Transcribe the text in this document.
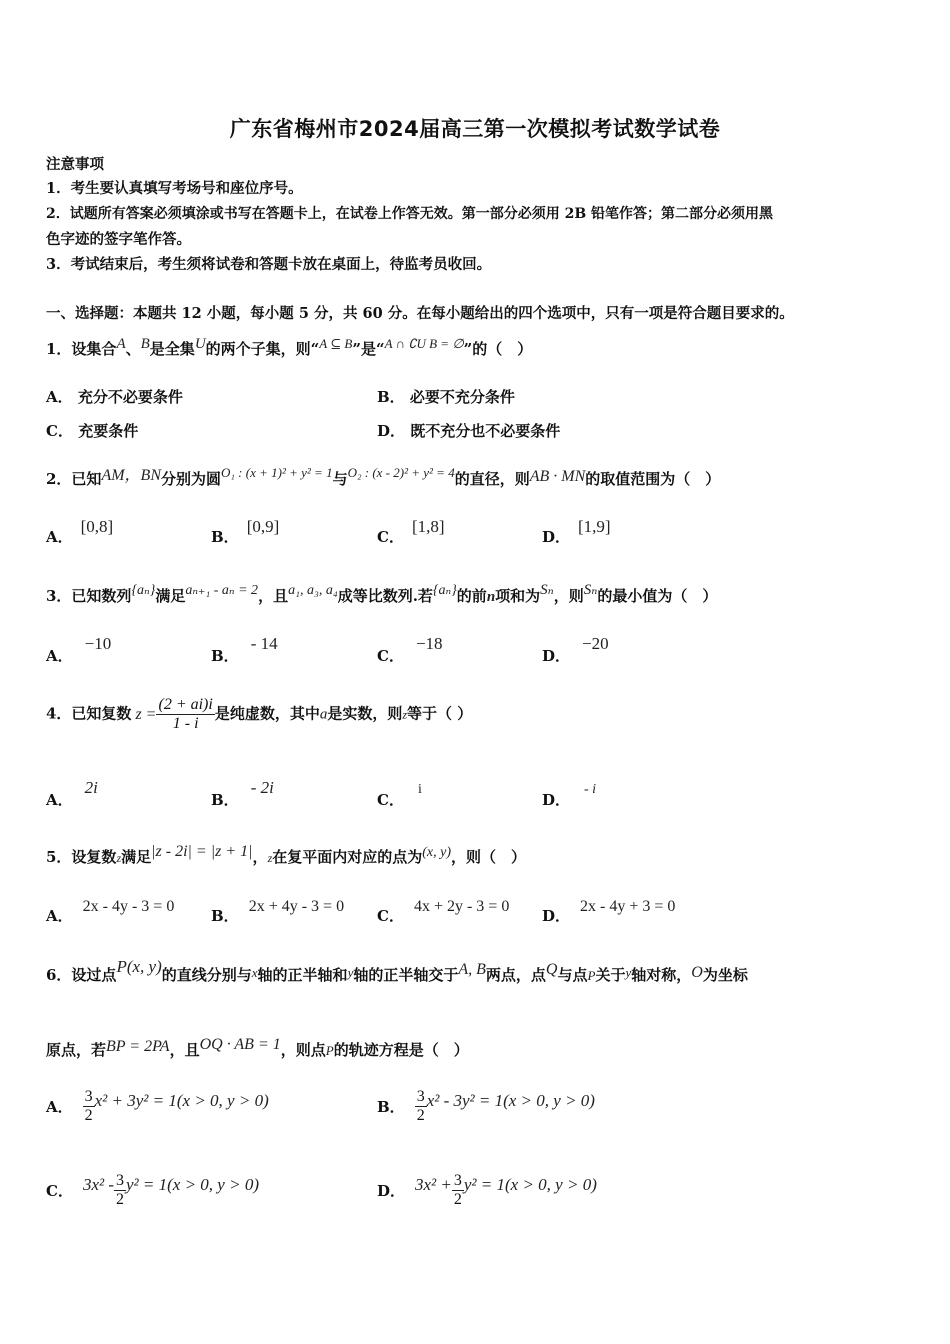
广东省梅州市2024届高三第一次模拟考试数学试卷
注意事项
1．考生要认真填写考场号和座位序号。
2．试题所有答案必须填涂或书写在答题卡上，在试卷上作答无效。第一部分必须用 2B 铅笔作答；第二部分必须用黑
色字迹的签字笔作答。
3．考试结束后，考生须将试卷和答题卡放在桌面上，待监考员收回。
一、选择题：本题共 12 小题，每小题 5 分，共 60 分。在每小题给出的四个选项中，只有一项是符合题目要求的。
1．设集合A、B是全集U的两个子集，则“A ⊆ B”是“A ∩ ∁U B = ∅”的（　）
A． 充分不必要条件	B． 必要不充分条件
C． 充要条件	D． 既不充分也不必要条件
2．已知AM，BN分别为圆O₁ : (x + 1)² + y² = 1与O₂ : (x - 2)² + y² = 4的直径，则AB · MN的取值范围为（　）
A．[0,8]
B．[0,9]
C．[1,8]
D．[1,9]
3．已知数列{aₙ}满足aₙ₊₁ - aₙ = 2，且a₁, a₃, a₄成等比数列.若{aₙ}的前n项和为Sₙ，则Sₙ的最小值为（　）
A．−10
B．- 14
C．−18
D．−20
4．已知复数 $z = \frac{(2 + ai)i}{1 - i}$ 是纯虚数，其中a是实数，则z等于（ ）
A．2i
B．- 2i
C．i
D．- i
5．设复数z满足|z - 2i| = |z + 1|，z在复平面内对应的点为(x, y)，则（　）
A．2x - 4y - 3 = 0
B．2x + 4y - 3 = 0
C．4x + 2y - 3 = 0
D．2x - 4y + 3 = 0
6．设过点P(x, y)的直线分别与x轴的正半轴和y轴的正半轴交于A, B两点，点Q与点P关于y轴对称，O为坐标
原点，若BP = 2PA，且OQ · AB = 1，则点P的轨迹方程是（　）
A． $\frac{3}{2} x^2 + 3y^2 = 1(x > 0$, y > 0)	B． $\frac{3}{2} x^2 - 3y^2 = 1(x > 0$, y > 0)
C． $3x^2 - \frac{3}{2} y^2 = 1(x > 0$, y > 0)	D． $3x^2 + \frac{3}{2} y^2 = 1(x > 0$, y > 0)
